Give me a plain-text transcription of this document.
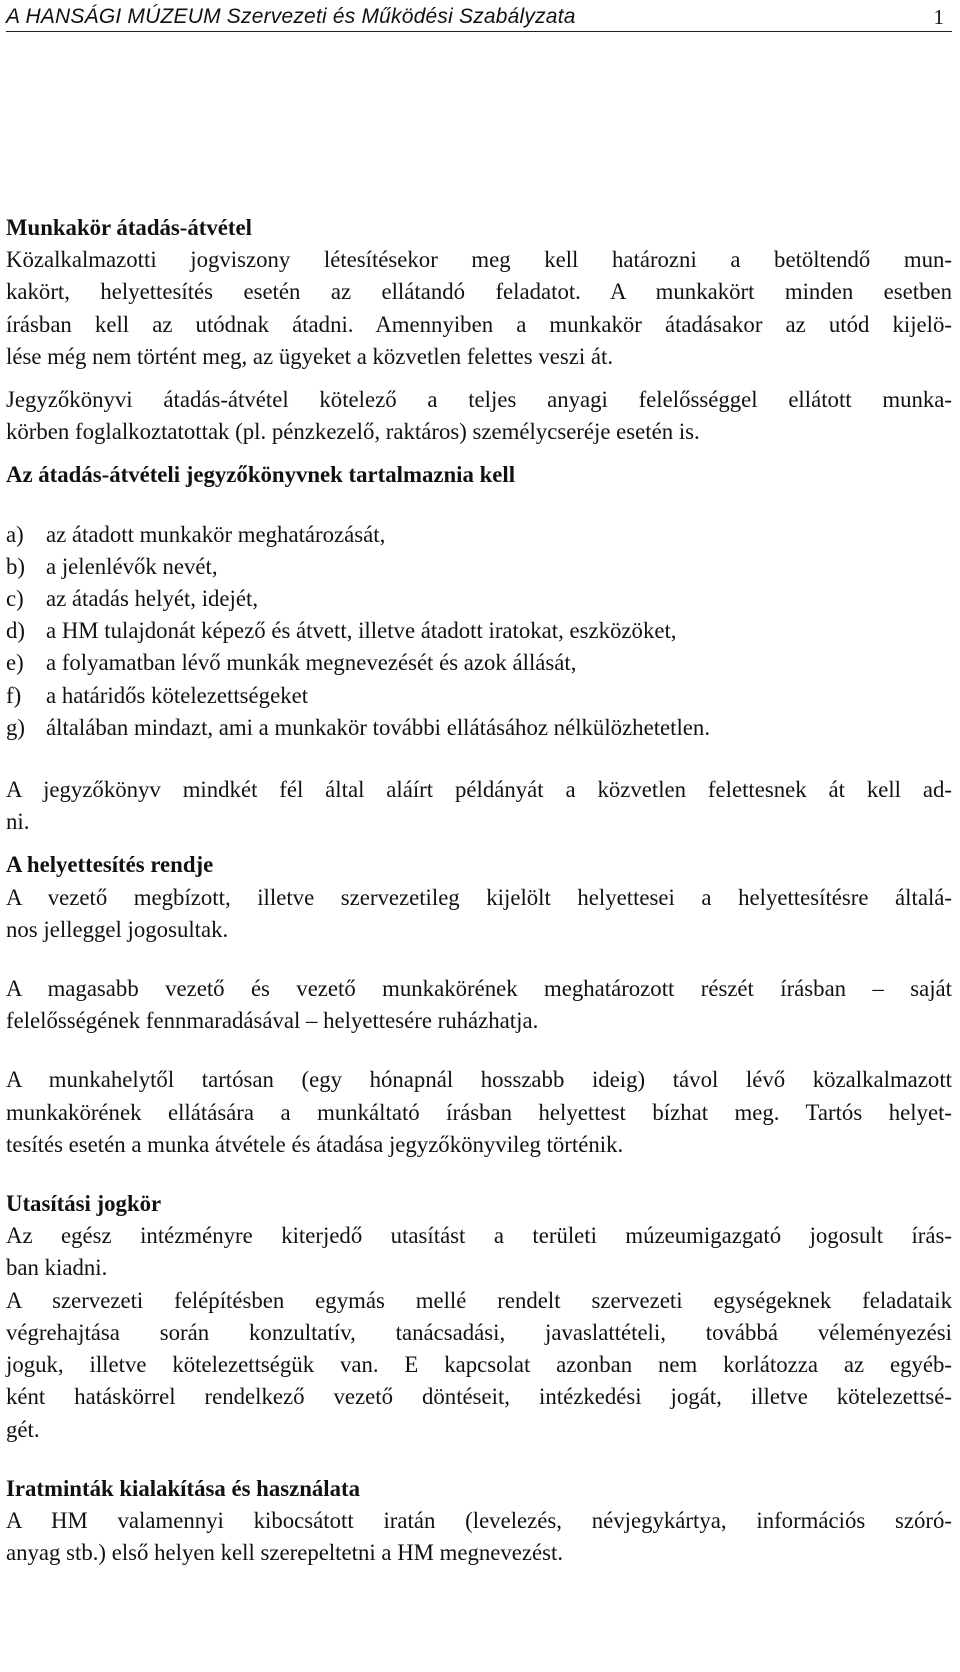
A HANSÁGI MÚZEUM Szervezeti és Működési Szabályzata	1
Munkakör átadás-átvétel

Közalkalmazotti jogviszony létesítésekor meg kell határozni a betöltendő mun-
kakört, helyettesítés esetén az ellátandó feladatot. A munkakört minden esetben
írásban kell az utódnak átadni. Amennyiben a munkakör átadásakor az utód kijelö-
lése még nem történt meg, az ügyeket a közvetlen felettes veszi át.

Jegyzőkönyvi átadás-átvétel kötelező a teljes anyagi felelősséggel ellátott munka-
körben foglalkoztatottak (pl. pénzkezelő, raktáros) személycseréje esetén is.

Az átadás-átvételi jegyzőkönyvnek tartalmaznia kell
a) az átadott munkakör meghatározását,
b) a jelenlévők nevét,
c) az átadás helyét, idejét,
d) a HM tulajdonát képező és átvett, illetve átadott iratokat, eszközöket,
e) a folyamatban lévő munkák megnevezését és azok állását,
f)	a határidős kötelezettségeket
g) általában mindazt, ami a munkakör további ellátásához nélkülözhetetlen.

A jegyzőkönyv mindkét fél által aláírt példányát a közvetlen felettesnek át kell ad-
ni.

A helyettesítés rendje

A vezető megbízott, illetve szervezetileg kijelölt helyettesei a helyettesítésre általá-
nos jelleggel jogosultak.

A magasabb vezető és vezető munkakörének meghatározott részét írásban – saját
felelősségének fennmaradásával – helyettesére ruházhatja.

A munkahelytől tartósan (egy hónapnál hosszabb ideig) távol lévő közalkalmazott
munkakörének ellátására a munkáltató írásban helyettest bízhat meg. Tartós helyet-
tesítés esetén a munka átvétele és átadása jegyzőkönyvileg történik.

Utasítási jogkör

Az egész intézményre kiterjedő utasítást a területi múzeumigazgató jogosult írás-
ban kiadni.

A szervezeti felépítésben egymás mellé rendelt szervezeti egységeknek feladataik
végrehajtása során konzultatív, tanácsadási, javaslattételi, továbbá véleményezési
joguk, illetve kötelezettségük van. E kapcsolat azonban nem korlátozza az egyéb-
ként hatáskörrel rendelkező vezető döntéseit, intézkedési jogát, illetve kötelezettsé-
gét.

Iratminták kialakítása és használata

A HM valamennyi kibocsátott iratán (levelezés, névjegykártya, információs szóró-
anyag stb.) első helyen kell szerepeltetni a HM megnevezést.
